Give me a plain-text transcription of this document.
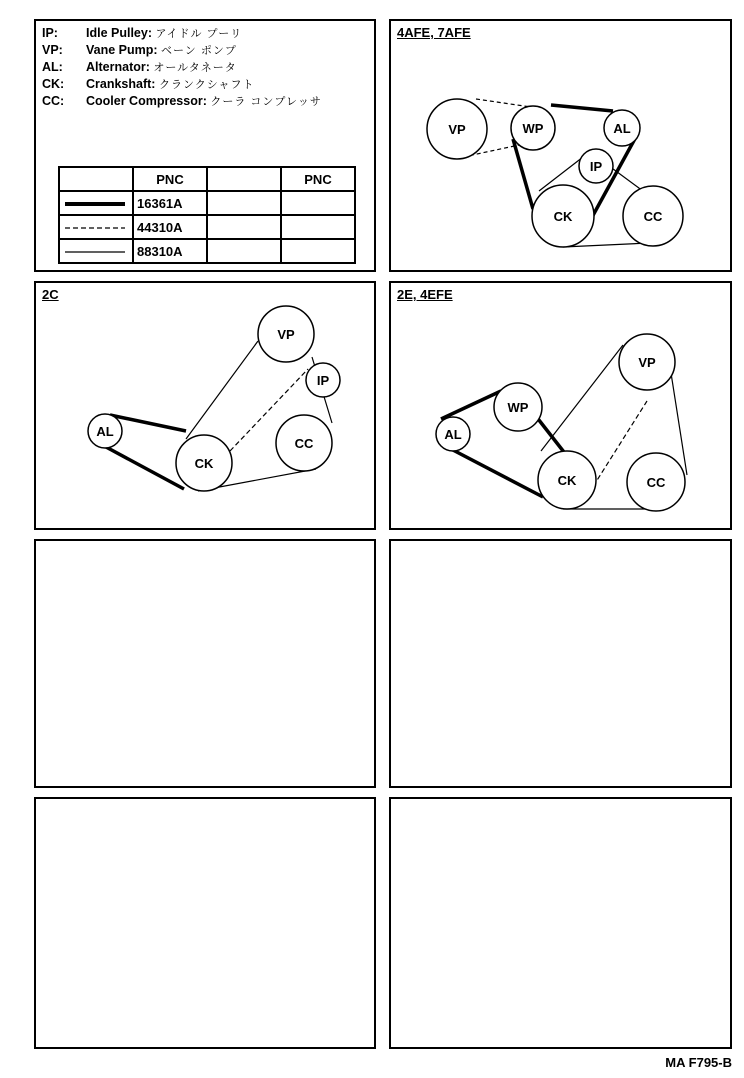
IP: Idle Pulley: アイドル プーリ
VP: Vane Pump: ベーン ポンプ
AL: Alternator: オールタネータ
CK: Crankshaft: クランクシャフト
CC: Cooler Compressor: クーラ コンプレッサ
	PNC		PNC
	16361A		
	44310A		
	88310A		
VP	WP	AL
IP
CK	CC
4AFE, 7AFE
VP
IP
AL
CC
CK
2C
VP
WP
AL
CK	CC
2E, 4EFE
MA F795-B
